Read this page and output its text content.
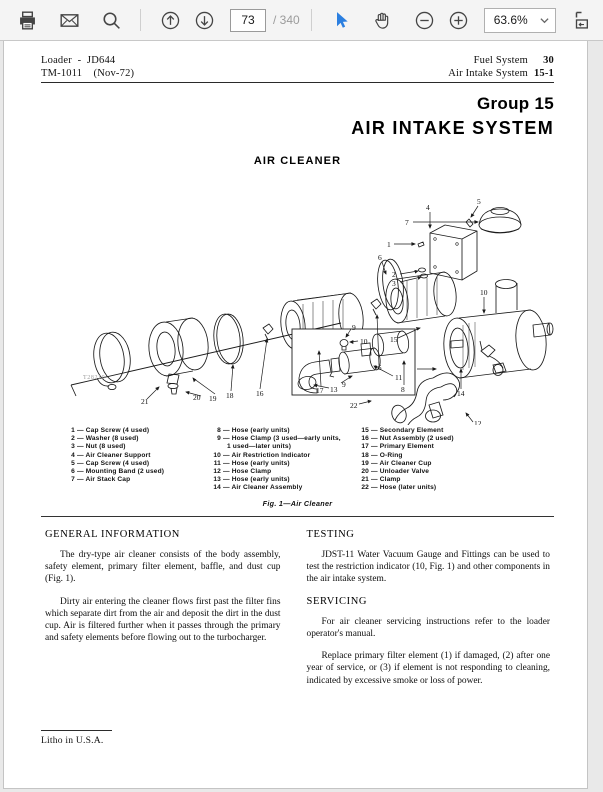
73
/ 340	63.6%
Loader  -  JD644
TM-1011    (Nov-72)
Fuel System 30
Air Intake System 15-1
Group 15
AIR INTAKE SYSTEM
AIR CLEANER
10
9
9
11
8
13
1
2
3
4
5
6
7
10
14
15
16
17
16
18
19
20
21	22
12
T28210
1 — Cap Screw (4 used)
2 — Washer (8 used)
3 — Nut (8 used)
4 — Air Cleaner Support
5 — Cap Screw (4 used)
6 — Mounting Band (2 used)
7 — Air Stack Cap
8 — Hose (early units)
9 — Hose Clamp (3 used—early units,
1 used—later units)
10 — Air Restriction Indicator
11 — Hose (early units)
12 — Hose Clamp
13 — Hose (early units)
14 — Air Cleaner Assembly
15 — Secondary Element
16 — Nut Assembly (2 used)
17 — Primary Element
18 — O-Ring
19 — Air Cleaner Cup
20 — Unloader Valve
21 — Clamp
22 — Hose (later units)
Fig. 1—Air Cleaner
GENERAL INFORMATION

The dry-type air cleaner consists of the body assembly, safety element, primary filter element, baffle, and dust cup (Fig. 1).

Dirty air entering the cleaner flows first past the filter fins which separate dirt from the air and deposit the dirt in the dust cup. Air is filtered further when it passes through the primary and safety elements before flowing out to the turbocharger.

TESTING

JDST-11 Water Vacuum Gauge and Fittings can be used to test the restriction indicator (10, Fig. 1) and other components in the air intake system.

SERVICING

For air cleaner servicing instructions refer to the loader operator's manual.

Replace primary filter element (1) if damaged, (2) after one year of service, or (3) if element is not responding to cleaning, indicated by excessive smoke or loss of power.

Litho in U.S.A.
